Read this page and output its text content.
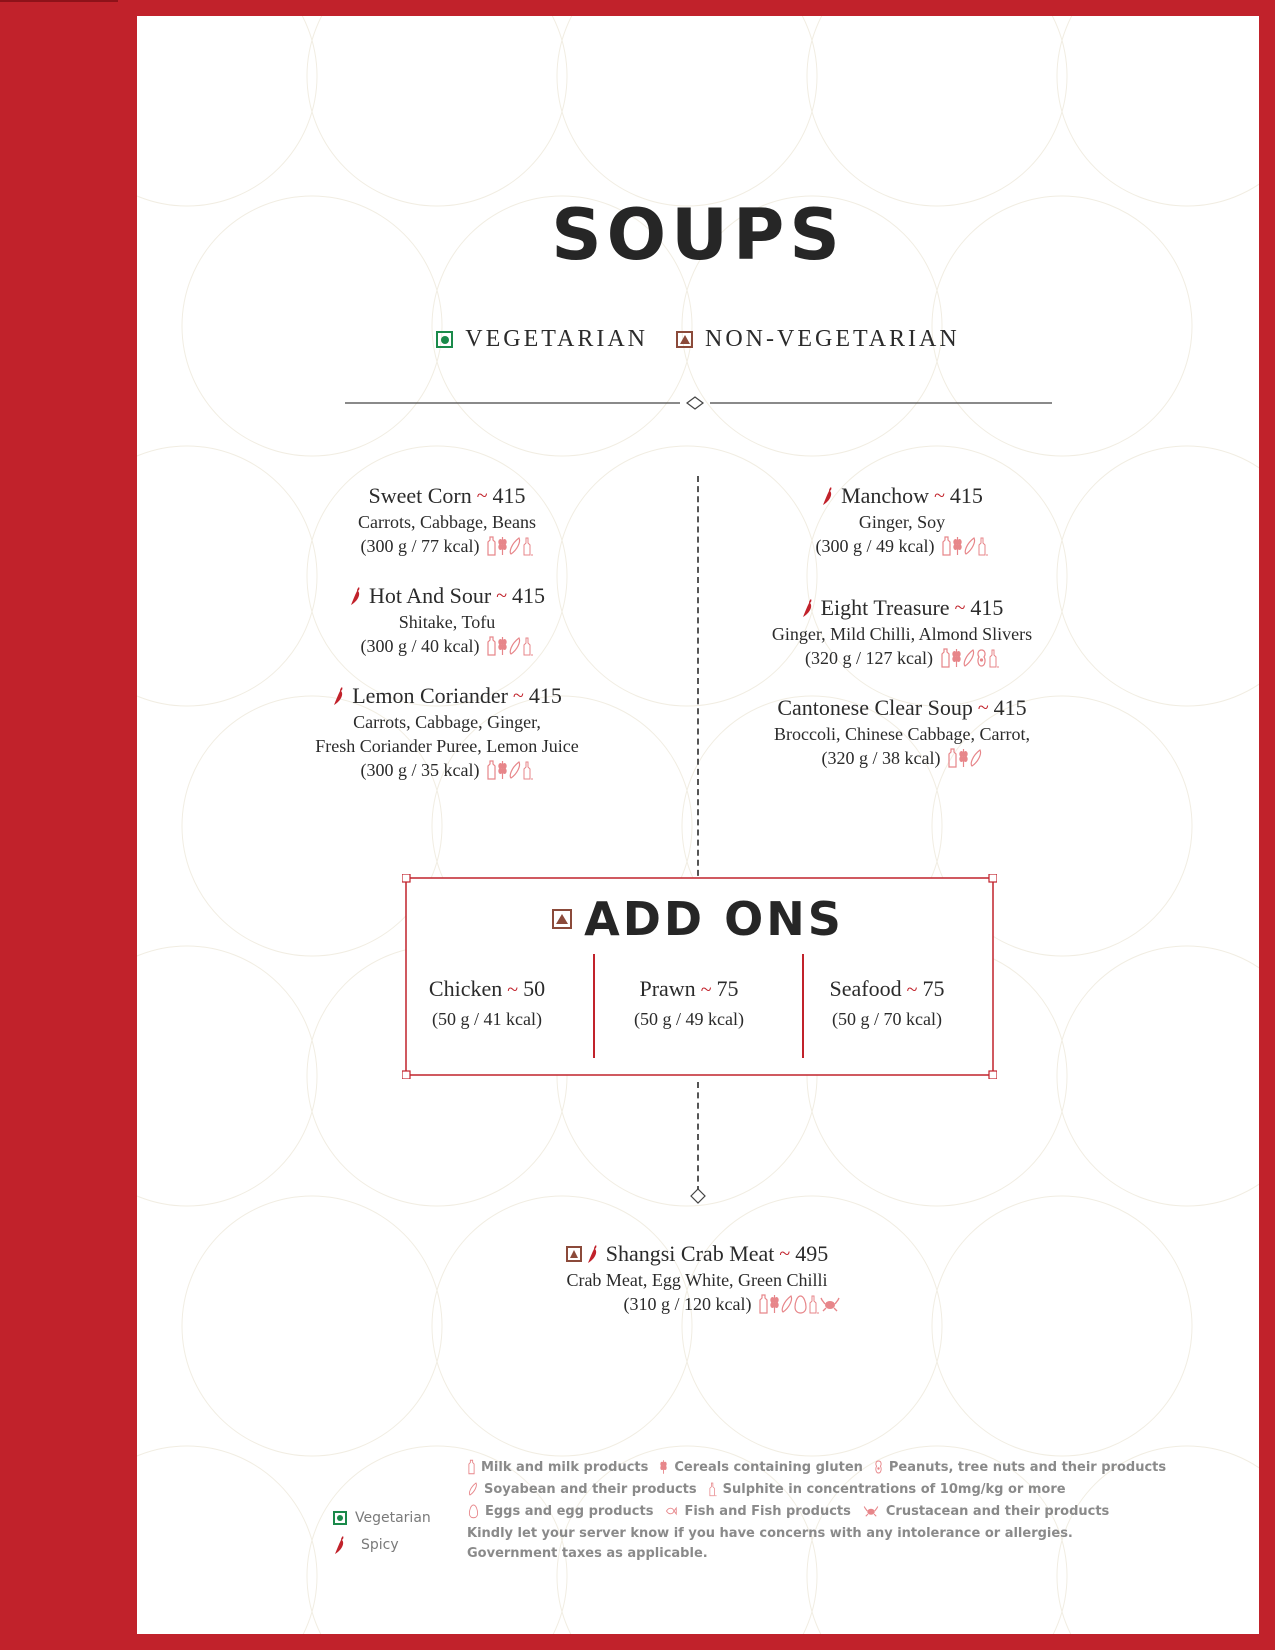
SOUPS
VEGETARIAN NON-VEGETARIAN
Sweet Corn ~ 415
Carrots, Cabbage, Beans
(300 g / 77 kcal)
Hot And Sour ~ 415
Shitake, Tofu
(300 g / 40 kcal)
Lemon Coriander ~ 415
Carrots, Cabbage, Ginger,
Fresh Coriander Puree, Lemon Juice
(300 g / 35 kcal)
Manchow ~ 415
Ginger, Soy
(300 g / 49 kcal)
Eight Treasure ~ 415
Ginger, Mild Chilli, Almond Slivers
(320 g / 127 kcal)
Cantonese Clear Soup ~ 415
Broccoli, Chinese Cabbage, Carrot,
(320 g / 38 kcal)
ADD ONS
Chicken ~ 50
(50 g / 41 kcal)
Prawn ~ 75
(50 g / 49 kcal)
Seafood ~ 75
(50 g / 70 kcal)
Shangsi Crab Meat ~ 495
Crab Meat, Egg White, Green Chilli
(310 g / 120 kcal)
Vegetarian
Spicy
Milk and milk products Cereals containing gluten Peanuts, tree nuts and their products
Soyabean and their products Sulphite in concentrations of 10mg/kg or more
Eggs and egg products Fish and Fish products	Crustacean and their products
Kindly let your server know if you have concerns with any intolerance or allergies.
Government taxes as applicable.
